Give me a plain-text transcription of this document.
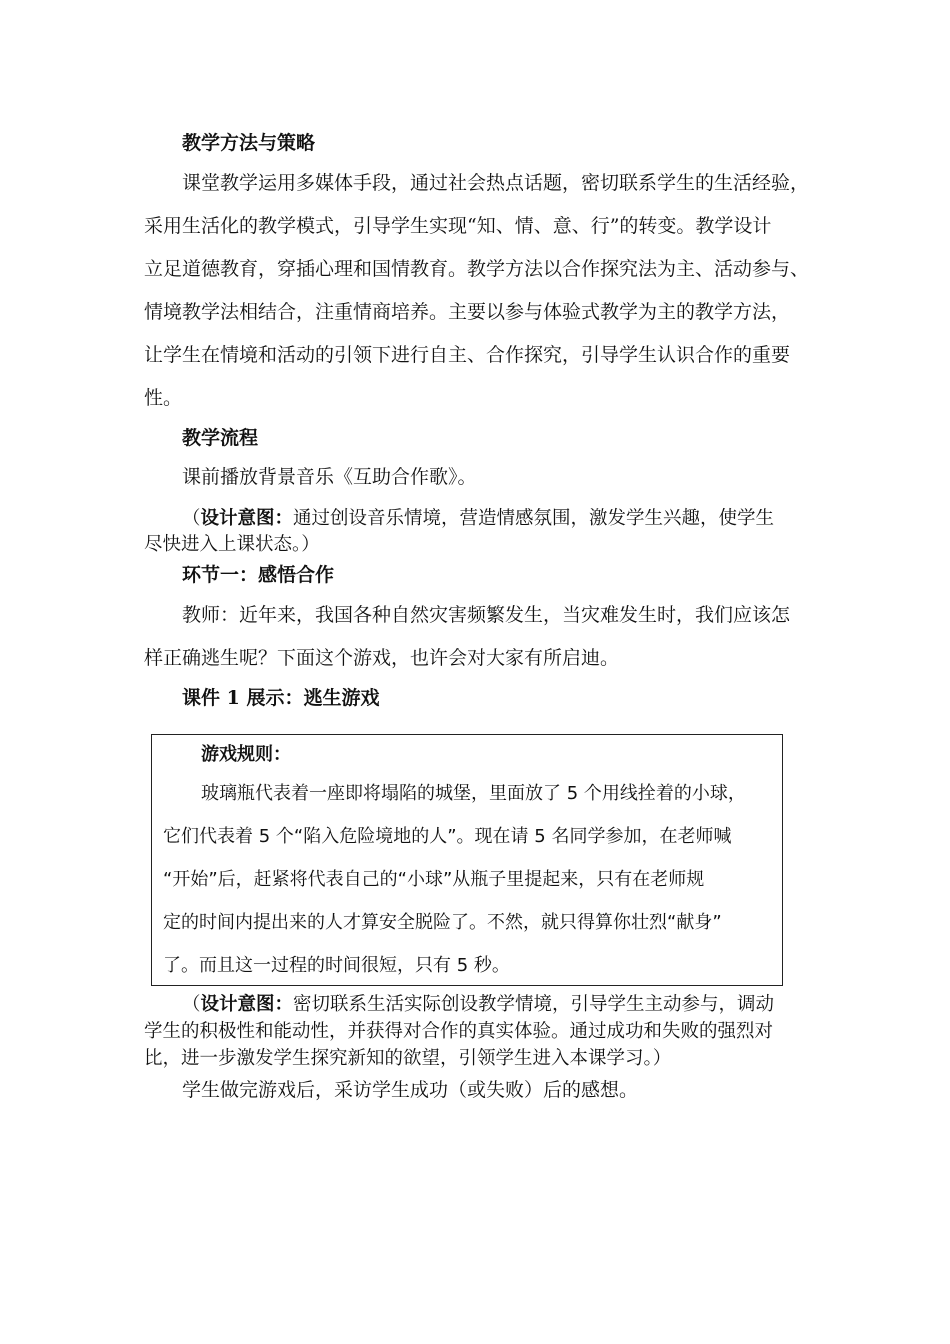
教学方法与策略
课堂教学运用多媒体手段，通过社会热点话题，密切联系学生的生活经验，
采用生活化的教学模式，引导学生实现“知、情、意、行”的转变。教学设计
立足道德教育，穿插心理和国情教育。教学方法以合作探究法为主、活动参与、
情境教学法相结合，注重情商培养。主要以参与体验式教学为主的教学方法，
让学生在情境和活动的引领下进行自主、合作探究，引导学生认识合作的重要
性。
教学流程
课前播放背景音乐《互助合作歌》。
（设计意图：通过创设音乐情境，营造情感氛围，激发学生兴趣，使学生
尽快进入上课状态。）
环节一：感悟合作
教师：近年来，我国各种自然灾害频繁发生，当灾难发生时，我们应该怎
样正确逃生呢？下面这个游戏，也许会对大家有所启迪。
课件 1 展示：逃生游戏
游戏规则：
玻璃瓶代表着一座即将塌陷的城堡，里面放了 5 个用线拴着的小球，
它们代表着 5 个“陷入危险境地的人”。现在请 5 名同学参加，在老师喊
“开始”后，赶紧将代表自己的“小球”从瓶子里提起来，只有在老师规
定的时间内提出来的人才算安全脱险了。不然，就只得算你壮烈“献身”
了。而且这一过程的时间很短，只有 5 秒。
（设计意图：密切联系生活实际创设教学情境，引导学生主动参与，调动
学生的积极性和能动性，并获得对合作的真实体验。通过成功和失败的强烈对
比，进一步激发学生探究新知的欲望，引领学生进入本课学习。）
学生做完游戏后，采访学生成功（或失败）后的感想。
